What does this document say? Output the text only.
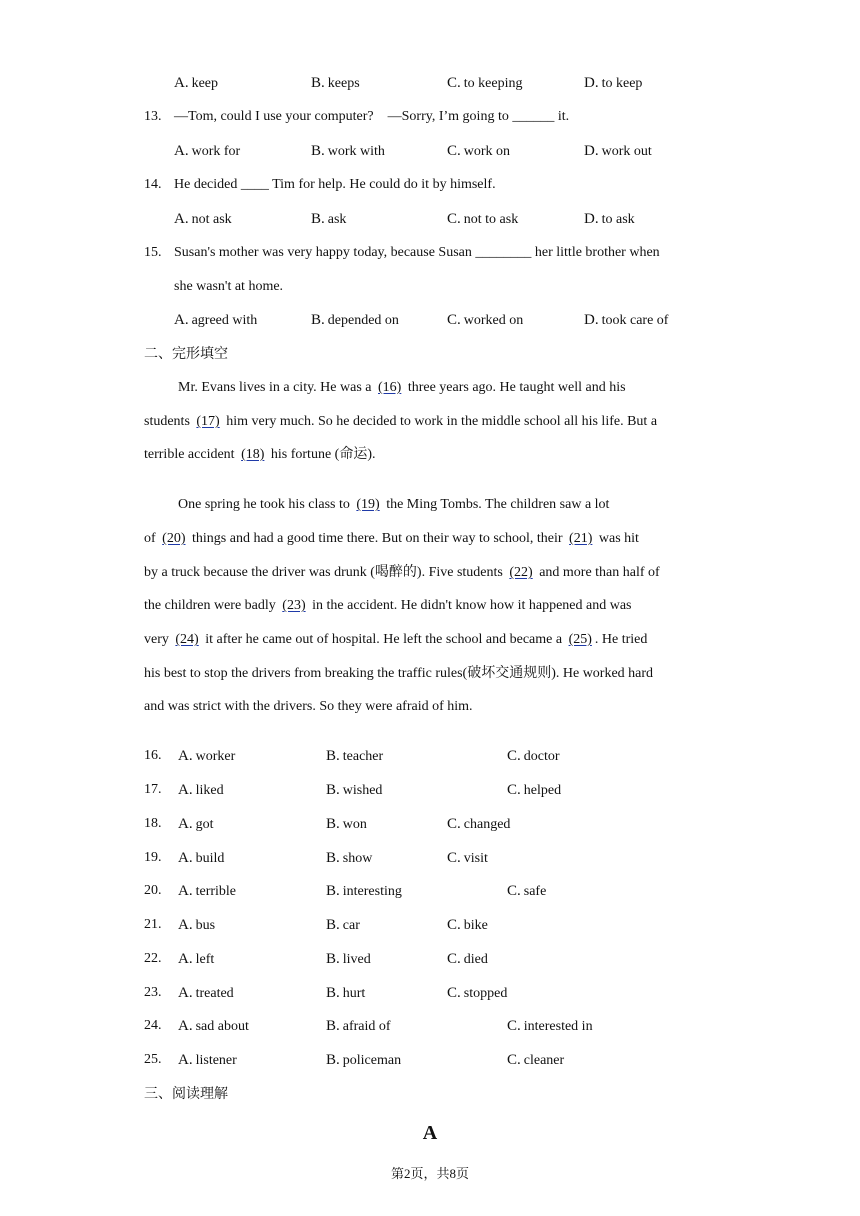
A. keep	B. keeps	C. to keeping	D. to keep
13. —Tom, could I use your computer?    —Sorry, I’m going to ______ it.
A. work for	B. work with	C. work on	D. work out
14. He decided ____ Tim for help. He could do it by himself.
A. not ask	B. ask	C. not to ask	D. to ask
15. Susan's mother was very happy today, because Susan ________ her little brother when
she wasn't at home.
A. agreed with	B. depended on	C. worked on	D. took care of
二、完形填空
Mr. Evans lives in a city. He was a (16) three years ago. He taught well and his
students (17) him very much. So he decided to work in the middle school all his life. But a
terrible accident (18) his fortune (命运).
One spring he took his class to (19) the Ming Tombs. The children saw a lot
of (20) things and had a good time there. But on their way to school, their (21) was hit
by a truck because the driver was drunk (喝醉的). Five students (22) and more than half of
the children were badly (23) in the accident. He didn't know how it happened and was
very (24) it after he came out of hospital. He left the school and became a (25) . He tried
his best to stop the drivers from breaking the traffic rules(破坏交通规则). He worked hard
and was strict with the drivers. So they were afraid of him.
16. A. worker	B. teacher	C. doctor
17. A. liked	B. wished	C. helped
18. A. got	B. won	C. changed
19. A. build	B. show	C. visit
20. A. terrible	B. interesting	C. safe
21. A. bus	B. car	C. bike
22. A. left	B. lived	C. died
23. A. treated	B. hurt	C. stopped
24. A. sad about	B. afraid of	C. interested in
25. A. listener	B. policeman	C. cleaner
三、阅读理解
A
第2页，共8页
